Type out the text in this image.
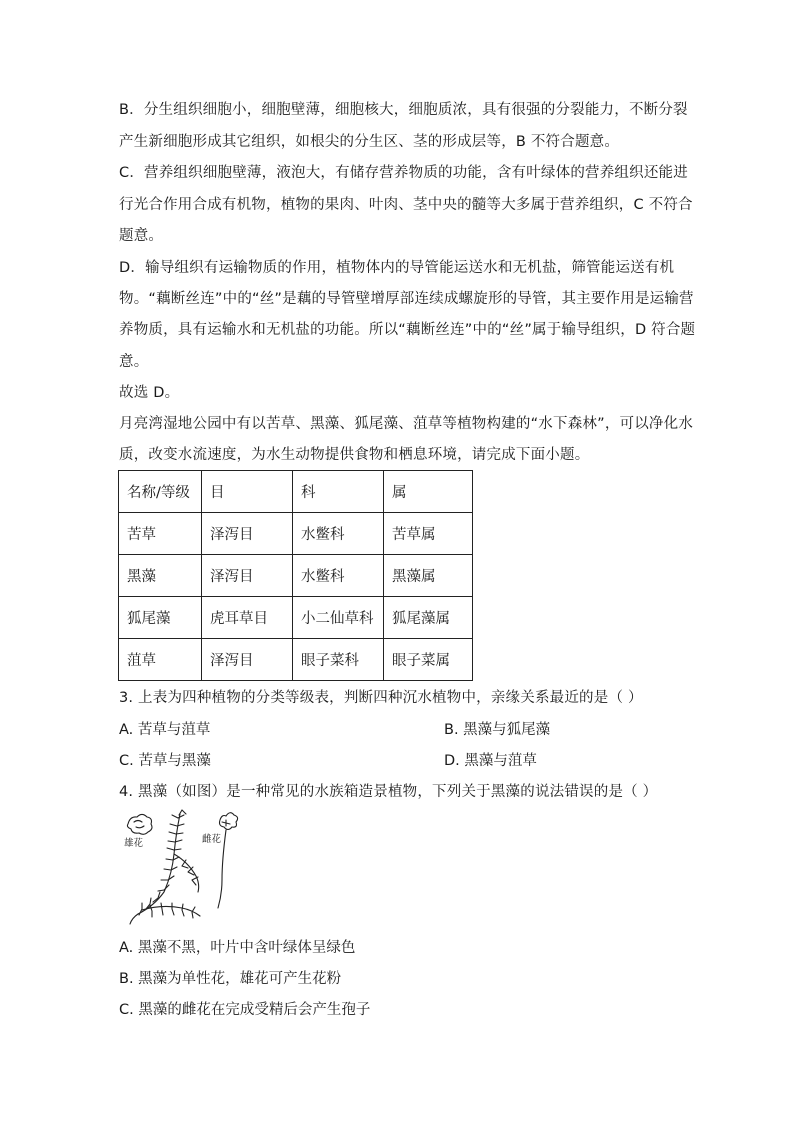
B．分生组织细胞小，细胞壁薄，细胞核大，细胞质浓，具有很强的分裂能力，不断分裂
产生新细胞形成其它组织，如根尖的分生区、茎的形成层等，B 不符合题意。
C．营养组织细胞壁薄，液泡大，有储存营养物质的功能，含有叶绿体的营养组织还能进
行光合作用合成有机物，植物的果肉、叶肉、茎中央的髓等大多属于营养组织，C 不符合
题意。
D．输导组织有运输物质的作用，植物体内的导管能运送水和无机盐，筛管能运送有机
物。“藕断丝连”中的“丝”是藕的导管壁增厚部连续成螺旋形的导管，其主要作用是运输营
养物质，具有运输水和无机盐的功能。所以“藕断丝连”中的“丝”属于输导组织，D 符合题
意。
故选 D。
月亮湾湿地公园中有以苦草、黑藻、狐尾藻、菹草等植物构建的“水下森林”，可以净化水
质，改变水流速度，为水生动物提供食物和栖息环境，请完成下面小题。
名称/等级	目	科	属
苦草	泽泻目	水鳖科	苦草属
黑藻	泽泻目	水鳖科	黑藻属
狐尾藻	虎耳草目	小二仙草科	狐尾藻属
菹草	泽泻目	眼子菜科	眼子菜属
3. 上表为四种植物的分类等级表，判断四种沉水植物中，亲缘关系最近的是（ ）
A. 苦草与菹草	B. 黑藻与狐尾藻
C. 苦草与黑藻	D. 黑藻与菹草
4. 黑藻（如图）是一种常见的水族箱造景植物，下列关于黑藻的说法错误的是（ ）
雄花	雌花
A. 黑藻不黑，叶片中含叶绿体呈绿色
B. 黑藻为单性花，雄花可产生花粉
C. 黑藻的雌花在完成受精后会产生孢子
